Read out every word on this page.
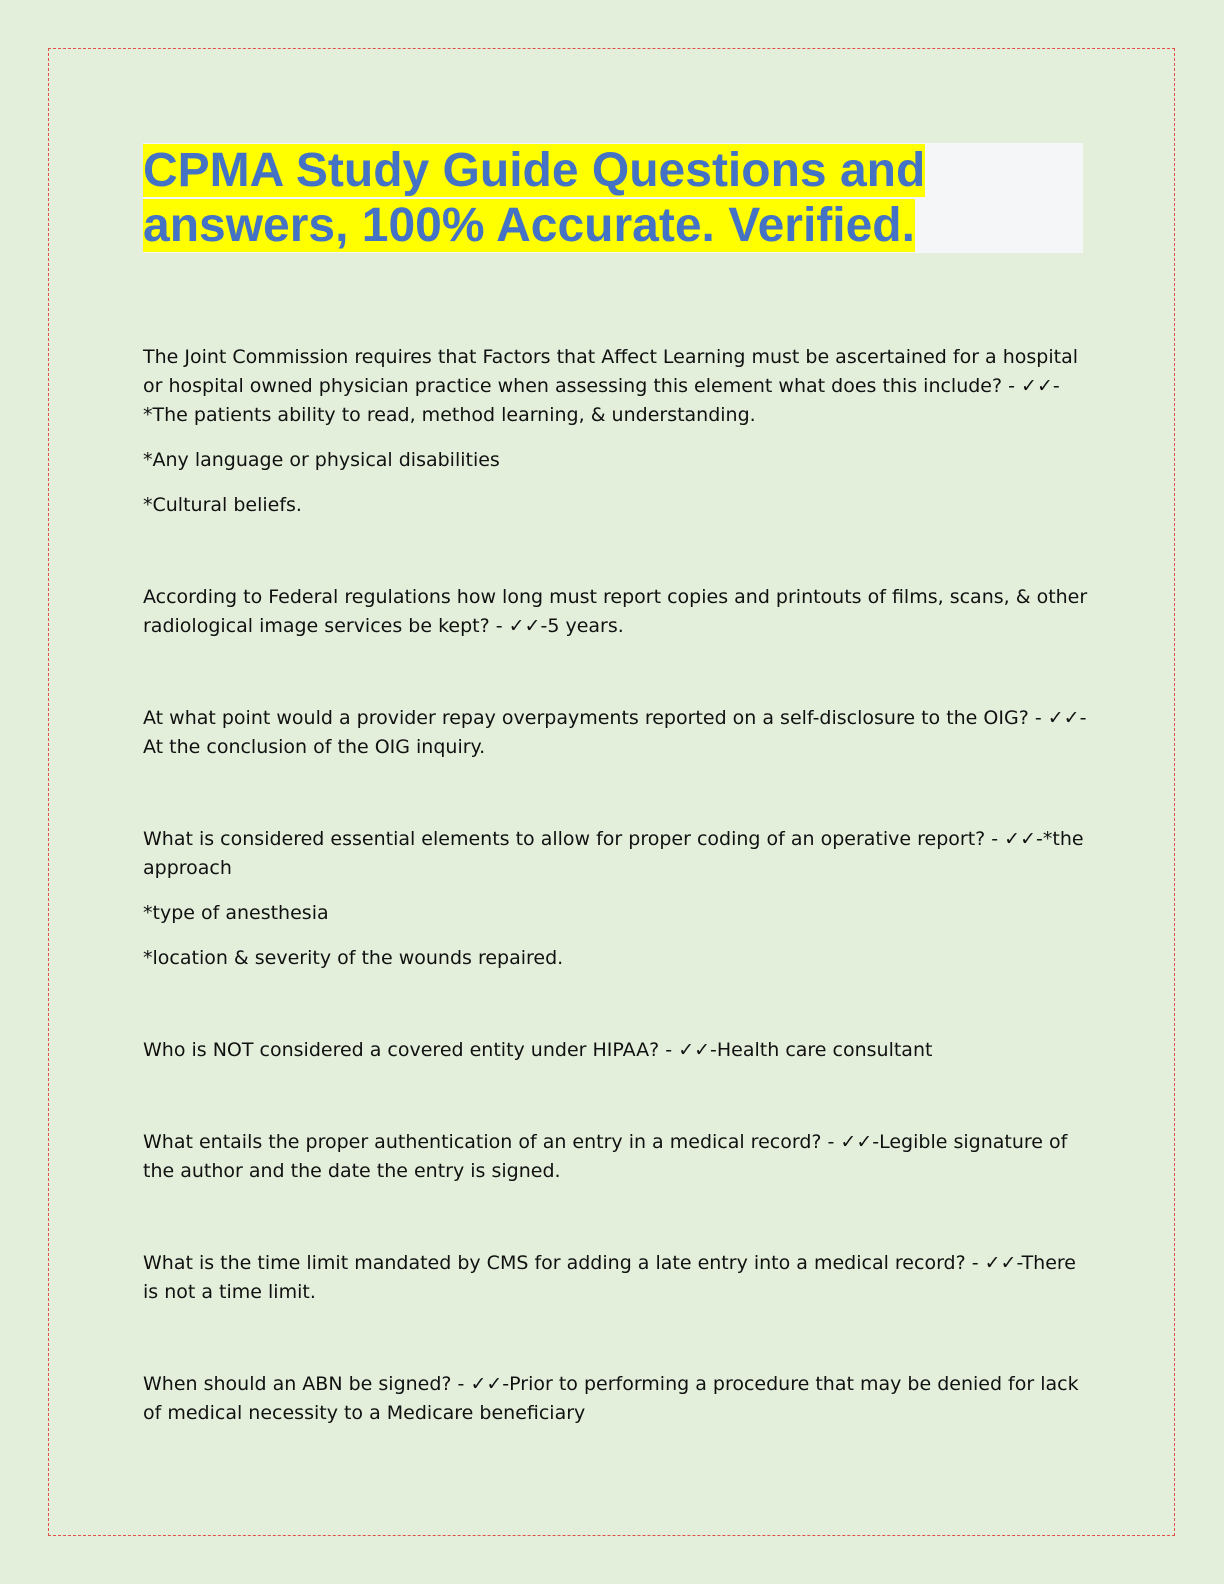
CPMA Study Guide Questions and
answers, 100% Accurate. Verified.

The Joint Commission requires that Factors that Affect Learning must be ascertained for a hospital or hospital owned physician practice when assessing this element what does this include? - ✓✓-*The patients ability to read, method learning, & understanding.

*Any language or physical disabilities

*Cultural beliefs.

According to Federal regulations how long must report copies and printouts of films, scans, & other radiological image services be kept? - ✓✓-5 years.

At what point would a provider repay overpayments reported on a self-disclosure to the OIG? - ✓✓-At the conclusion of the OIG inquiry.

What is considered essential elements to allow for proper coding of an operative report? - ✓✓-*the approach

*type of anesthesia

*location & severity of the wounds repaired.

Who is NOT considered a covered entity under HIPAA? - ✓✓-Health care consultant

What entails the proper authentication of an entry in a medical record? - ✓✓-Legible signature of the author and the date the entry is signed.

What is the time limit mandated by CMS for adding a late entry into a medical record? - ✓✓-There is not a time limit.

When should an ABN be signed? - ✓✓-Prior to performing a procedure that may be denied for lack of medical necessity to a Medicare beneficiary
